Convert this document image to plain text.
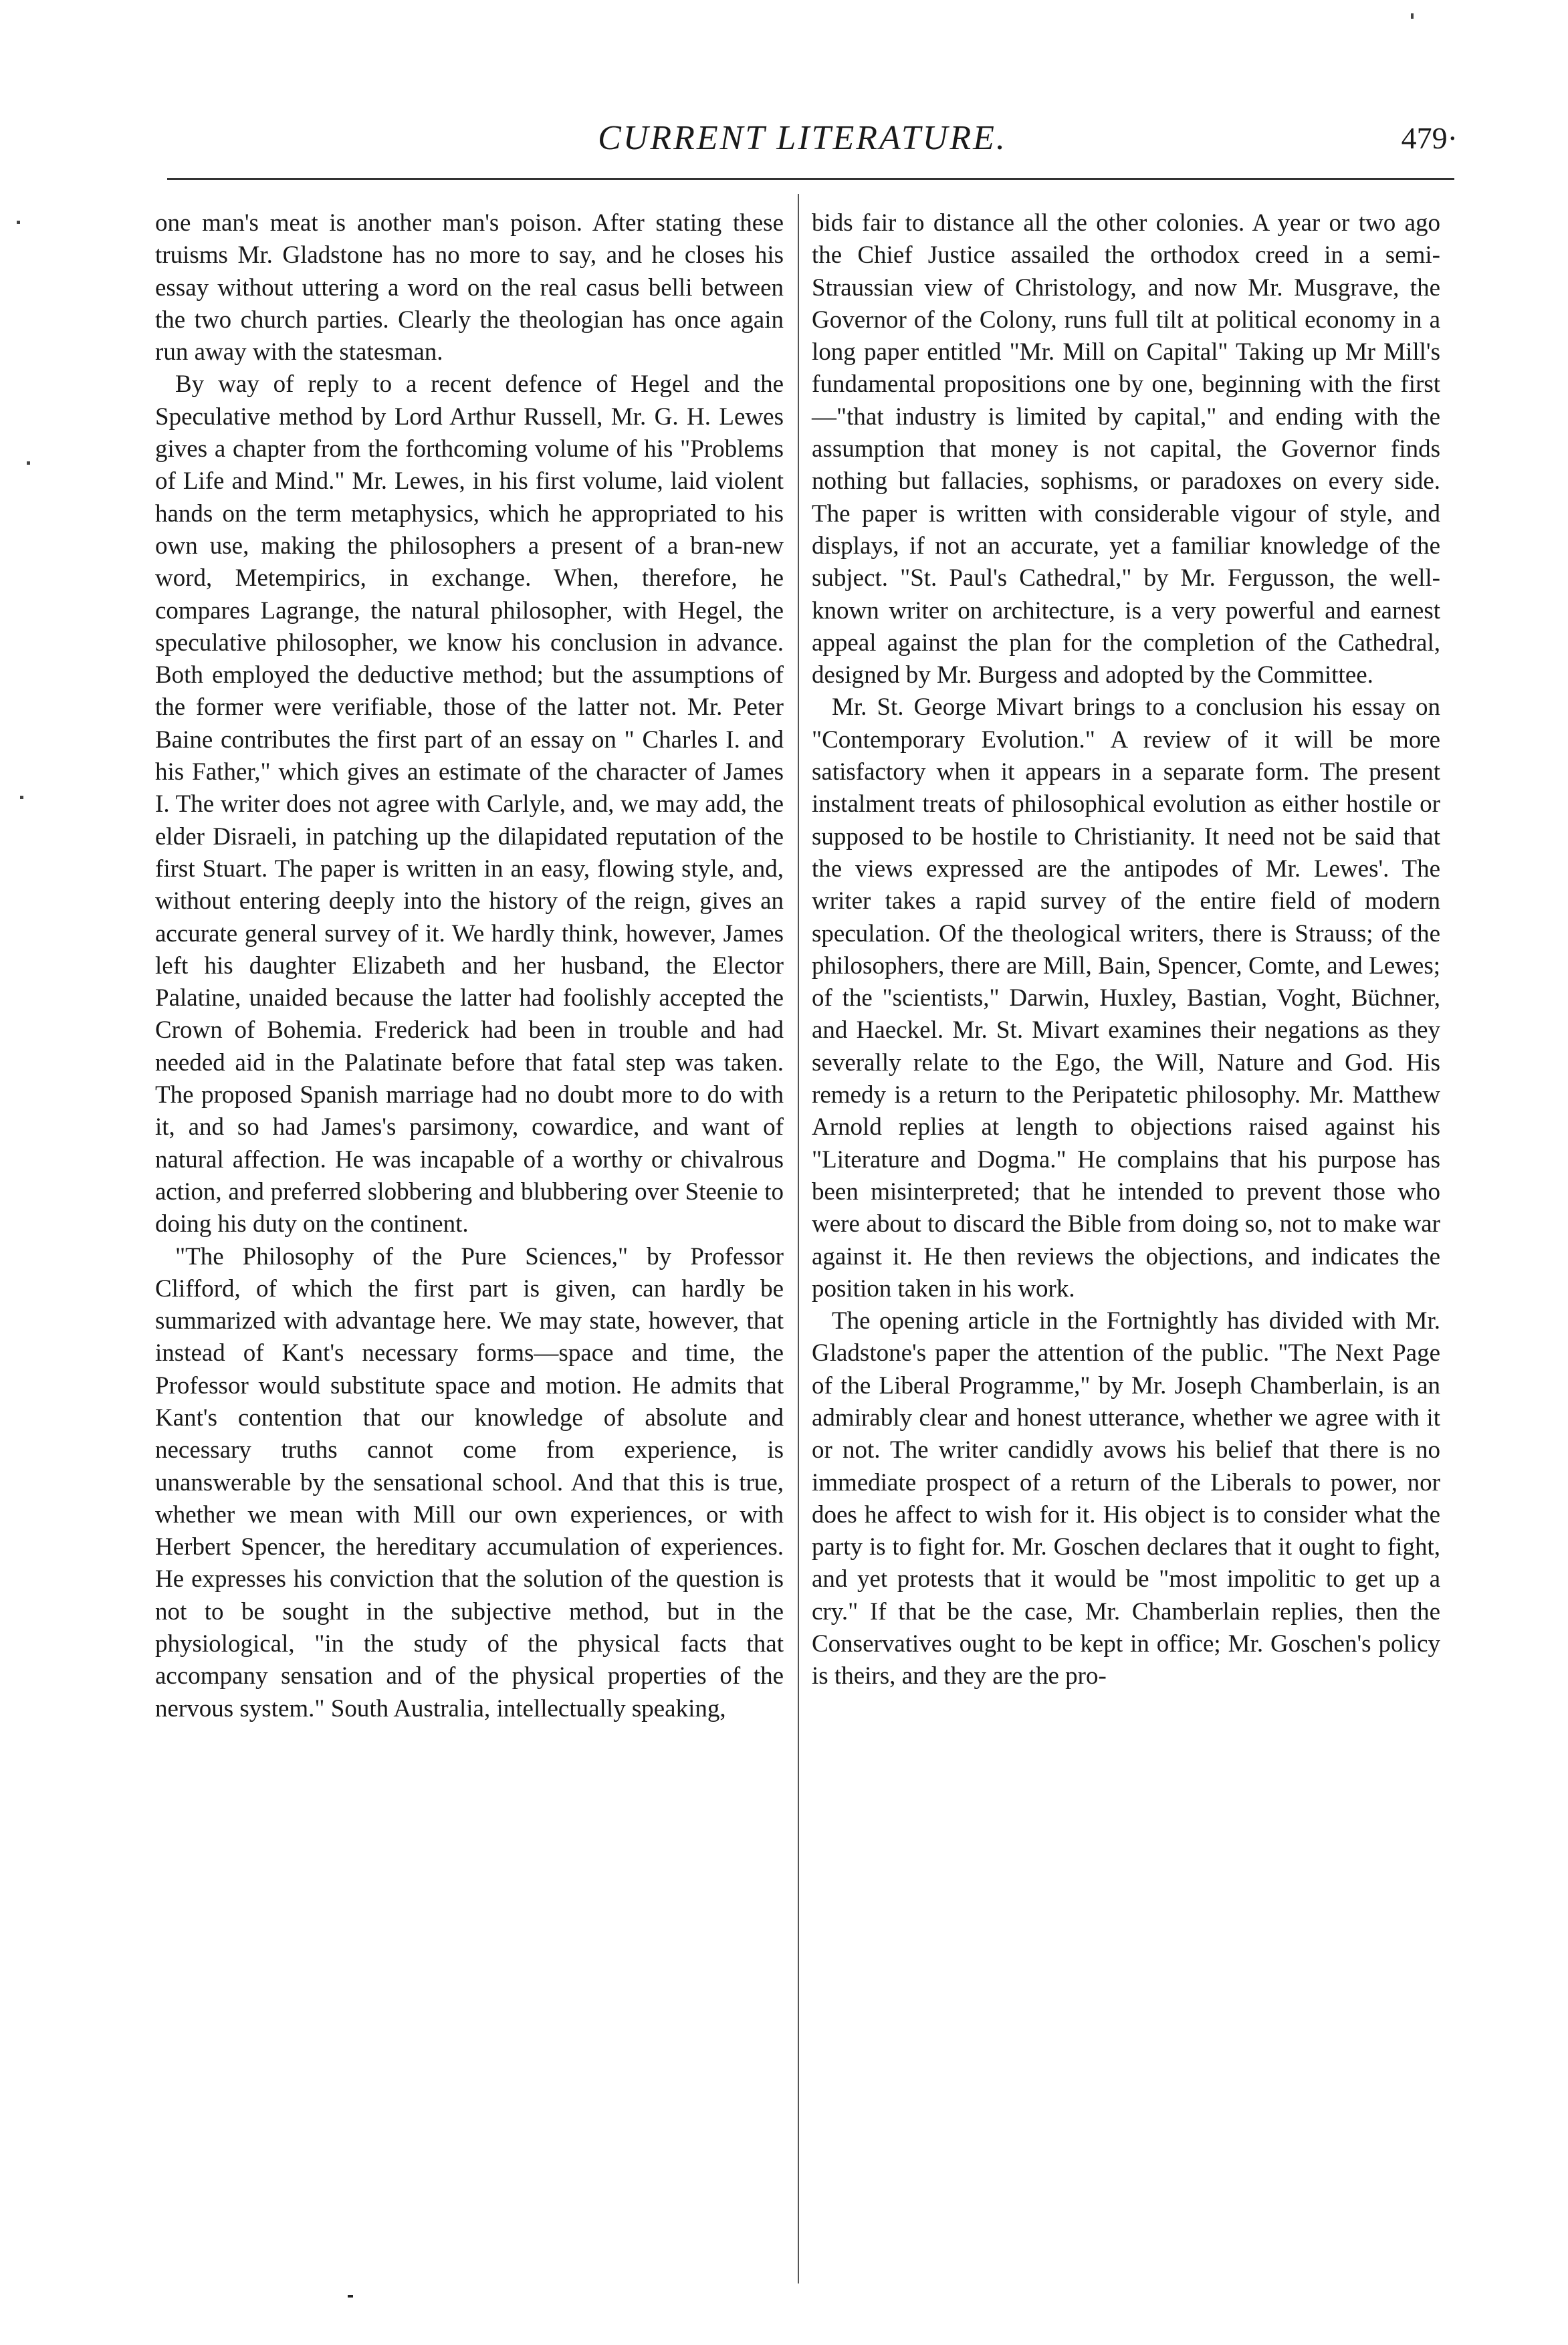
CURRENT LITERATURE.	479·

one man's meat is another man's poison. After stating these truisms Mr. Gladstone has no more to say, and he closes his essay without uttering a word on the real casus belli between the two church parties. Clearly the theologian has once again run away with the statesman.

By way of reply to a recent defence of Hegel and the Speculative method by Lord Arthur Russell, Mr. G. H. Lewes gives a chapter from the forthcoming volume of his "Problems of Life and Mind." Mr. Lewes, in his first volume, laid violent hands on the term metaphysics, which he appropriated to his own use, making the philosophers a present of a bran-new word, Metempirics, in exchange. When, therefore, he compares Lagrange, the natural philosopher, with Hegel, the speculative philosopher, we know his conclusion in advance. Both employed the deductive method; but the assumptions of the former were verifiable, those of the latter not. Mr. Peter Baine contributes the first part of an essay on " Charles I. and his Father," which gives an estimate of the character of James I. The writer does not agree with Carlyle, and, we may add, the elder Disraeli, in patching up the dilapidated reputation of the first Stuart. The paper is written in an easy, flowing style, and, without entering deeply into the history of the reign, gives an accurate general survey of it. We hardly think, however, James left his daughter Elizabeth and her husband, the Elector Palatine, unaided because the latter had foolishly accepted the Crown of Bohemia. Frederick had been in trouble and had needed aid in the Palatinate before that fatal step was taken. The proposed Spanish marriage had no doubt more to do with it, and so had James's parsimony, cowardice, and want of natural affection. He was incapable of a worthy or chivalrous action, and preferred slobbering and blubbering over Steenie to doing his duty on the continent.

"The Philosophy of the Pure Sciences," by Professor Clifford, of which the first part is given, can hardly be summarized with advantage here. We may state, however, that instead of Kant's necessary forms—space and time, the Professor would substitute space and motion. He admits that Kant's contention that our knowledge of absolute and necessary truths cannot come from experience, is unanswerable by the sensational school. And that this is true, whether we mean with Mill our own experiences, or with Herbert Spencer, the hereditary accumulation of experiences. He expresses his conviction that the solution of the question is not to be sought in the subjective method, but in the physiological, "in the study of the physical facts that accompany sensation and of the physical properties of the nervous system." South Australia, intellectually speaking,

bids fair to distance all the other colonies. A year or two ago the Chief Justice assailed the orthodox creed in a semi-Straussian view of Christology, and now Mr. Musgrave, the Governor of the Colony, runs full tilt at political economy in a long paper entitled "Mr. Mill on Capital" Taking up Mr Mill's fundamental propositions one by one, beginning with the first—"that industry is limited by capital," and ending with the assumption that money is not capital, the Governor finds nothing but fallacies, sophisms, or paradoxes on every side. The paper is written with considerable vigour of style, and displays, if not an accurate, yet a familiar knowledge of the subject. "St. Paul's Cathedral," by Mr. Fergusson, the well-known writer on architecture, is a very powerful and earnest appeal against the plan for the completion of the Cathedral, designed by Mr. Burgess and adopted by the Committee.

Mr. St. George Mivart brings to a conclusion his essay on "Contemporary Evolution." A review of it will be more satisfactory when it appears in a separate form. The present instalment treats of philosophical evolution as either hostile or supposed to be hostile to Christianity. It need not be said that the views expressed are the antipodes of Mr. Lewes'. The writer takes a rapid survey of the entire field of modern speculation. Of the theological writers, there is Strauss; of the philosophers, there are Mill, Bain, Spencer, Comte, and Lewes; of the "scientists," Darwin, Huxley, Bastian, Voght, Büchner, and Haeckel. Mr. St. Mivart examines their negations as they severally relate to the Ego, the Will, Nature and God. His remedy is a return to the Peripatetic philosophy. Mr. Matthew Arnold replies at length to objections raised against his "Literature and Dogma." He complains that his purpose has been misinterpreted; that he intended to prevent those who were about to discard the Bible from doing so, not to make war against it. He then reviews the objections, and indicates the position taken in his work.

The opening article in the Fortnightly has divided with Mr. Gladstone's paper the attention of the public. "The Next Page of the Liberal Programme," by Mr. Joseph Chamberlain, is an admirably clear and honest utterance, whether we agree with it or not. The writer candidly avows his belief that there is no immediate prospect of a return of the Liberals to power, nor does he affect to wish for it. His object is to consider what the party is to fight for. Mr. Goschen declares that it ought to fight, and yet protests that it would be "most impolitic to get up a cry." If that be the case, Mr. Chamberlain replies, then the Conservatives ought to be kept in office; Mr. Goschen's policy is theirs, and they are the pro-
